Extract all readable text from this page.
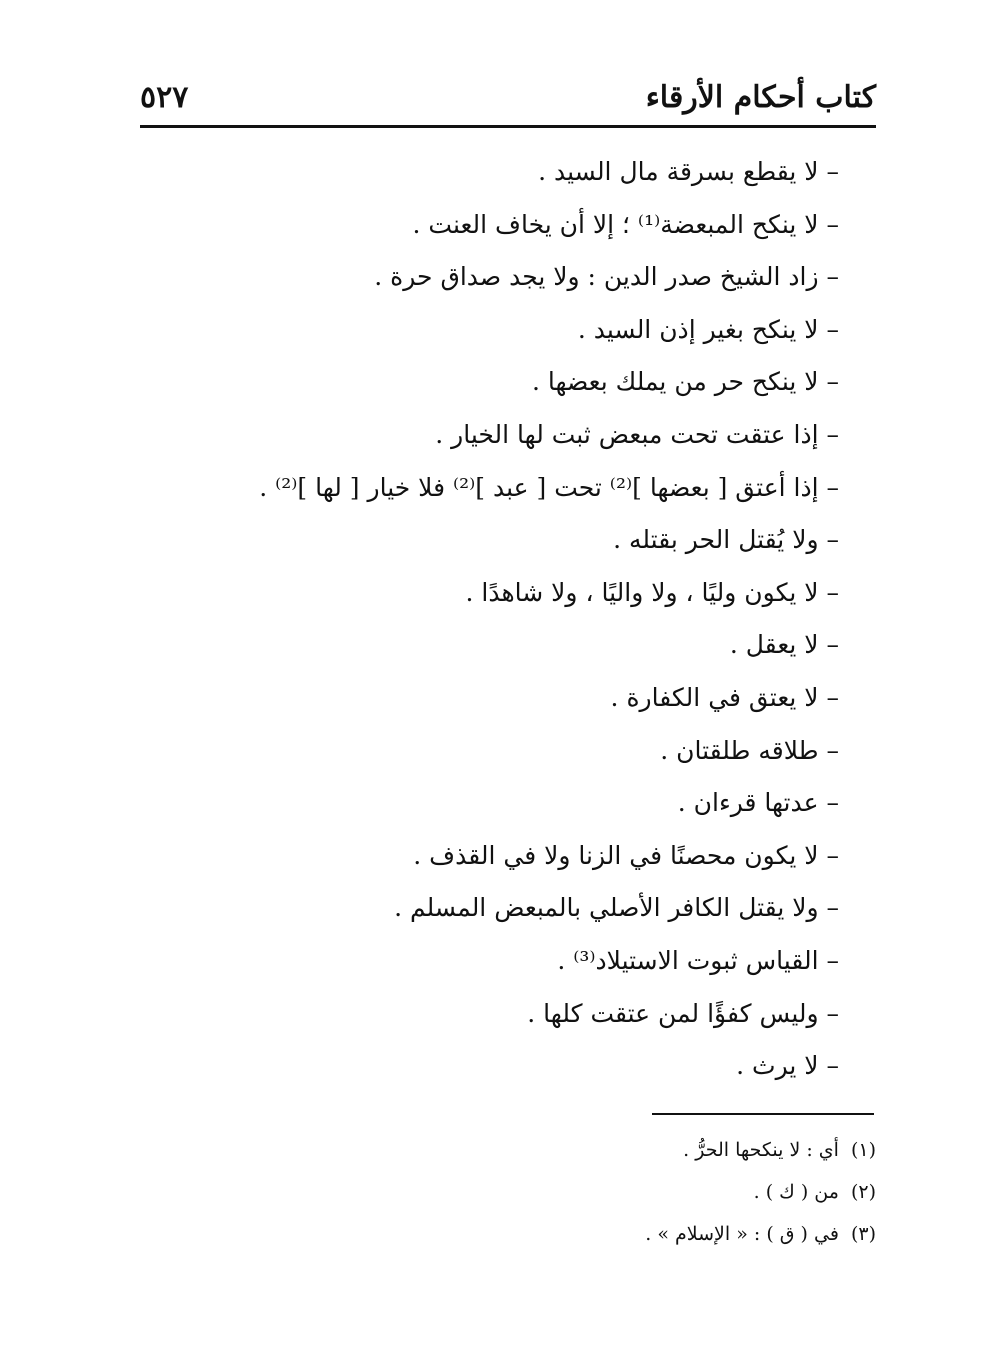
كتاب أحكام الأرقاء
٥٢٧
– لا يقطع بسرقة مال السيد .
– لا ينكح المبعضة⁽¹⁾ ؛ إلا أن يخاف العنت .
– زاد الشيخ صدر الدين : ولا يجد صداق حرة .
– لا ينكح بغير إذن السيد .
– لا ينكح حر من يملك بعضها .
– إذا عتقت تحت مبعض ثبت لها الخيار .
– إذا أعتق [ بعضها ]⁽²⁾ تحت [ عبد ]⁽²⁾ فلا خيار [ لها ]⁽²⁾ .
– ولا يُقتل الحر بقتله .
– لا يكون وليًا ، ولا واليًا ، ولا شاهدًا .
– لا يعقل .
– لا يعتق في الكفارة .
– طلاقه طلقتان .
– عدتها قرءان .
– لا يكون محصنًا في الزنا ولا في القذف .
– ولا يقتل الكافر الأصلي بالمبعض المسلم .
– القياس ثبوت الاستيلاد⁽³⁾ .
– وليس كفؤًا لمن عتقت كلها .
– لا يرث .
(١)أي : لا ينكحها الحرُّ .
(٢)من ( ك ) .
(٣)في ( ق ) : « الإسلام » .
